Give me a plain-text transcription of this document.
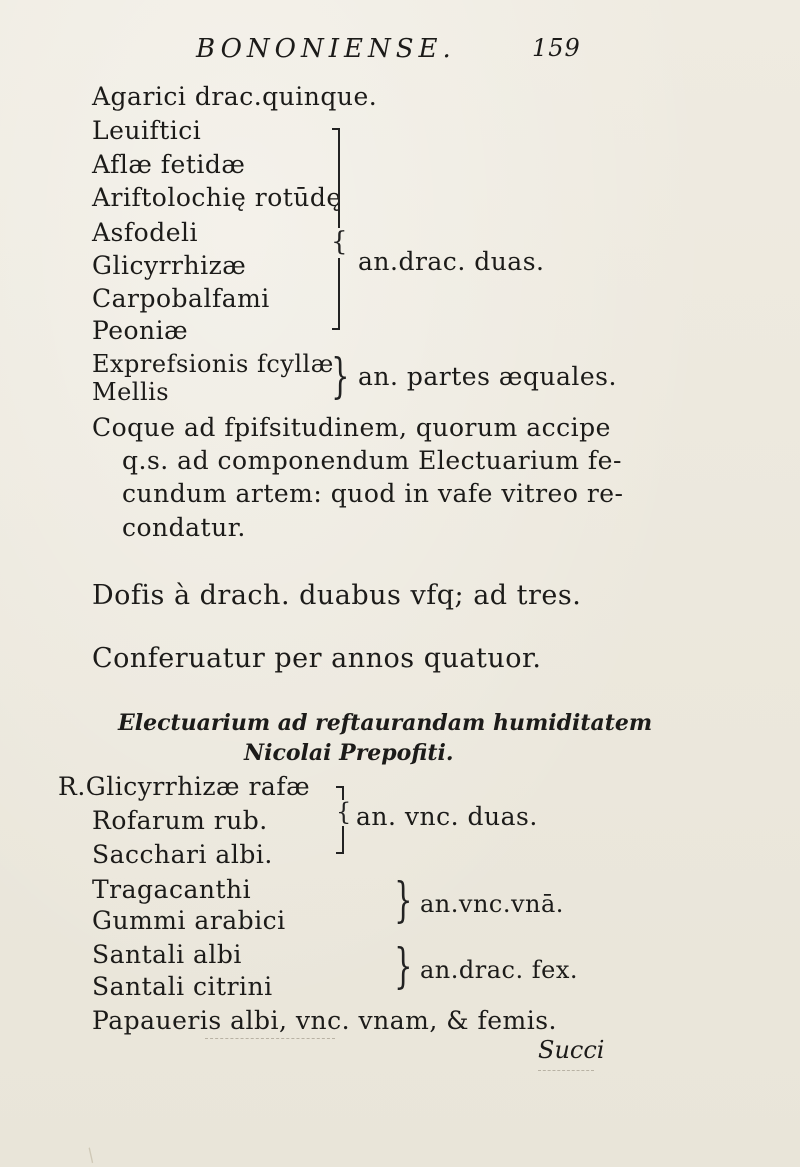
BONONIENSE.	159
Agarici drac.quinque.
Leuiftici
Aflæ fetidæ
Ariftolochię rotūdę
Asfodeli
Glicyrrhizæ
Carpobalfami
Peoniæ
{
an.drac. duas.
Exprefsionis fcyllæ
Mellis	} an. partes æquales.
Coque ad fpifsitudinem, quorum accipe
q.s. ad componendum Electuarium fe-
cundum artem: quod in vafe vitreo re-
condatur.
Dofis à drach. duabus vfq; ad tres.
Conferuatur per annos quatuor.
Electuarium ad reftaurandam humiditatem
Nicolai Prepofiti.
R.Glicyrrhizæ rafæ
Rofarum rub.
Sacchari albi.
{ an. vnc. duas.
Tragacanthi
Gummi arabici } an.vnc.vnā.
Santali albi
Santali citrini	} an.drac. fex.
Papaueris albi, vnc. vnam, & femis.
Succi
/
